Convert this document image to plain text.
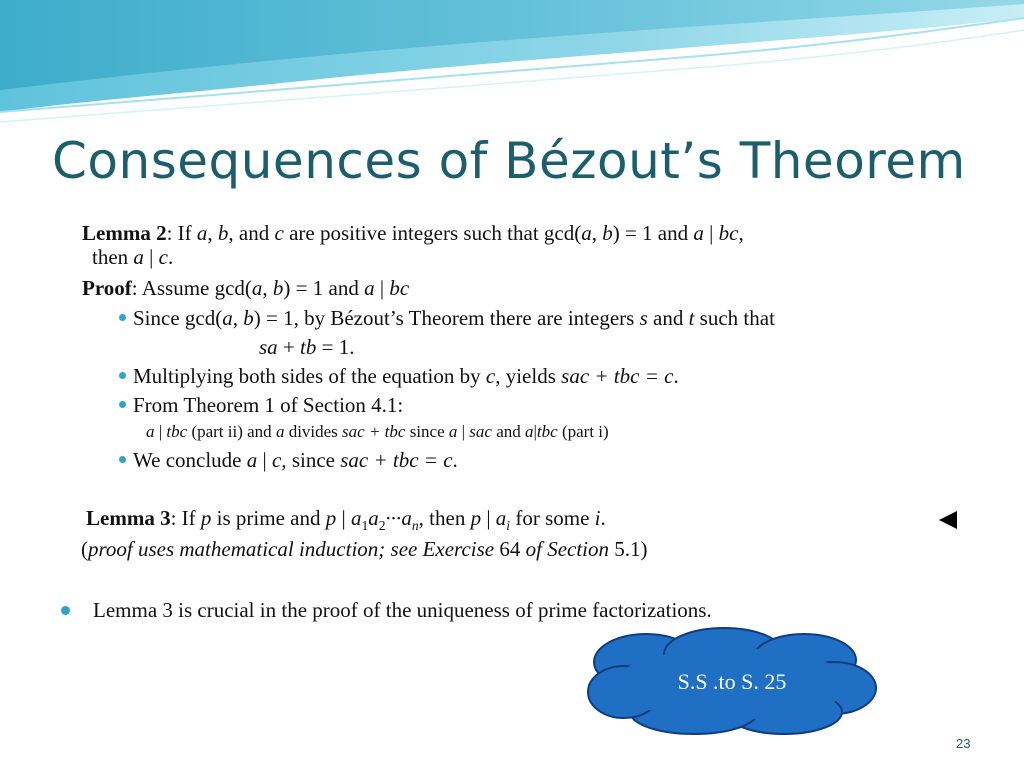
Consequences of Bézout’s Theorem
Lemma 2: If a, b, and c are positive integers such that gcd(a, b) = 1 and a | bc,
then a | c.
Proof: Assume gcd(a, b) = 1 and a | bc
Since gcd(a, b) = 1, by Bézout’s Theorem there are integers s and t such that
sa + tb = 1.
Multiplying both sides of the equation by c, yields sac + tbc = c.
From Theorem 1 of Section 4.1:
a | tbc (part ii) and a divides sac + tbc since a | sac and a|tbc (part i)
We conclude a | c, since sac + tbc = c.
Lemma 3: If p is prime and p | $a_1a_2\cdot\cdot\cdot a_n$, then p | $a_i$ for some i.
(proof uses mathematical induction; see Exercise 64 of Section 5.1)
Lemma 3 is crucial in the proof of the uniqueness of prime factorizations.
S.S .to S. 25
23
